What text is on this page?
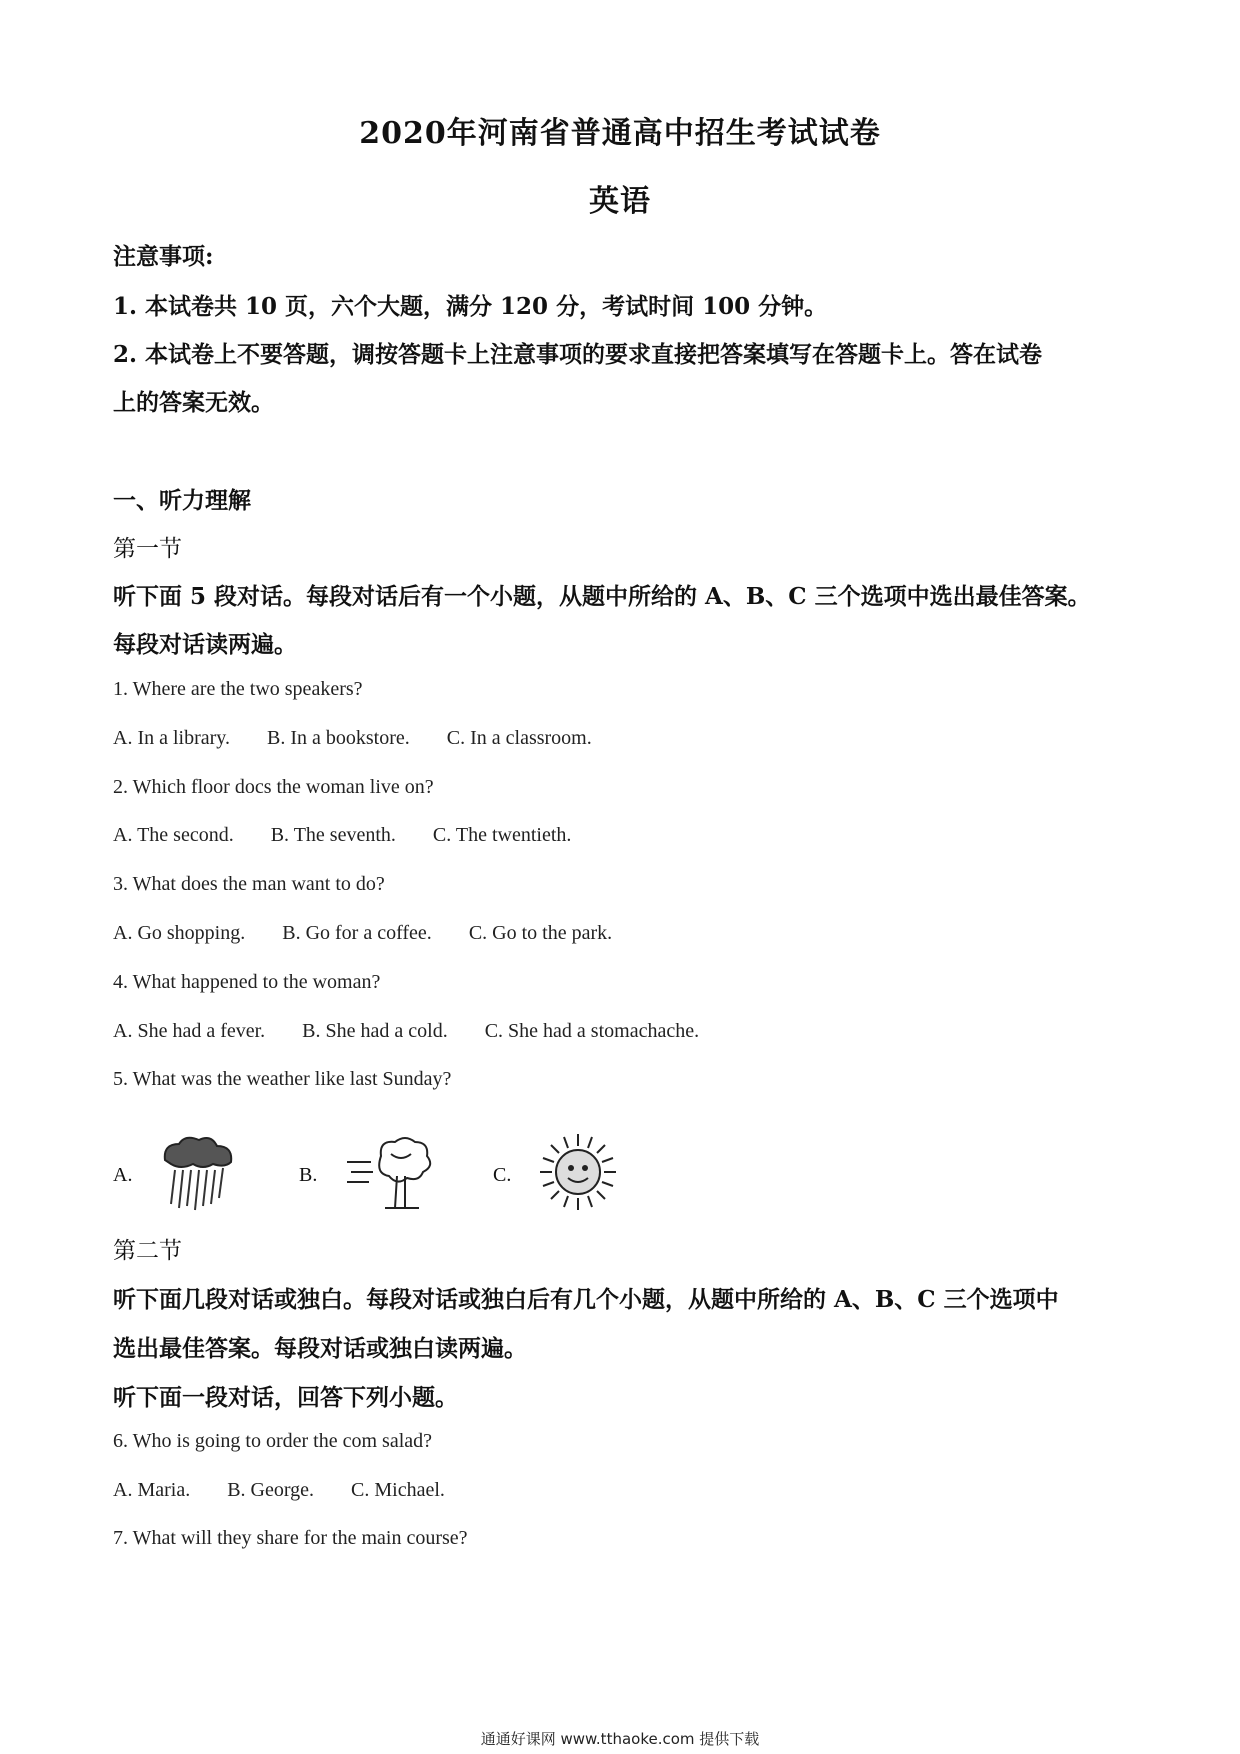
2020年河南省普通高中招生考试试卷
英语
注意事项:
1. 本试卷共 10 页，六个大题，满分 120 分，考试时间 100 分钟。
2. 本试卷上不要答题，调按答题卡上注意事项的要求直接把答案填写在答题卡上。答在试卷
上的答案无效。
一、听力理解
第一节
听下面 5 段对话。每段对话后有一个小题，从题中所给的 A、B、C 三个选项中选出最佳答案。
每段对话读两遍。
1. Where are the two speakers?
A. In a library. B. In a bookstore. C. In a classroom.
2. Which floor docs the woman live on?
A. The second. B. The seventh. C. The twentieth.
3. What does the man want to do?
A. Go shopping. B. Go for a coffee. C. Go to the park.
4. What happened to the woman?
A. She had a fever. B. She had a cold. C. She had a stomachache.
5. What was the weather like last Sunday?
A.	B.	C.
第二节
听下面几段对话或独白。每段对话或独白后有几个小题，从题中所给的 A、B、C 三个选项中
选出最佳答案。每段对话或独白读两遍。
听下面一段对话，回答下列小题。
6. Who is going to order the com salad?
A. Maria. B. George. C. Michael.
7. What will they share for the main course?
通通好课网 www.tthaoke.com 提供下载
